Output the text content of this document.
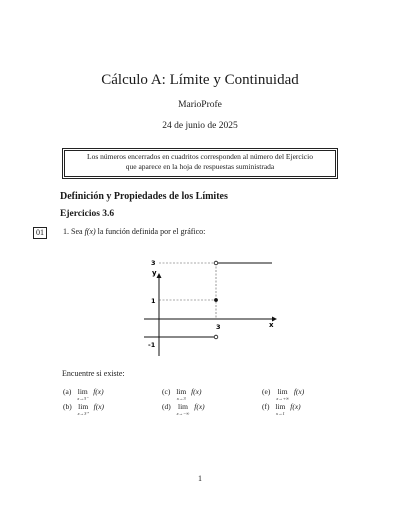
Cálculo A: Límite y Continuidad
MarioProfe
24 de junio de 2025
Los números encerrados en cuadritos corresponden al número del Ejercicio
que aparece en la hoja de respuestas suministrada
Definición y Propiedades de los Límites
Ejercicios 3.6
01	1. Sea f(x) la función definida por el gráfico:
y
x
3
1
-1
3
Encuentre si existe:
(a) lim
x→3⁻
f(x)
(b) lim
x→3⁺
f(x)
(c) lim
x→3
f(x)
(d) lim
x→−∞
f(x)
(e) lim
x→+∞
f(x)
(f) lim
x→1
f(x)
1
